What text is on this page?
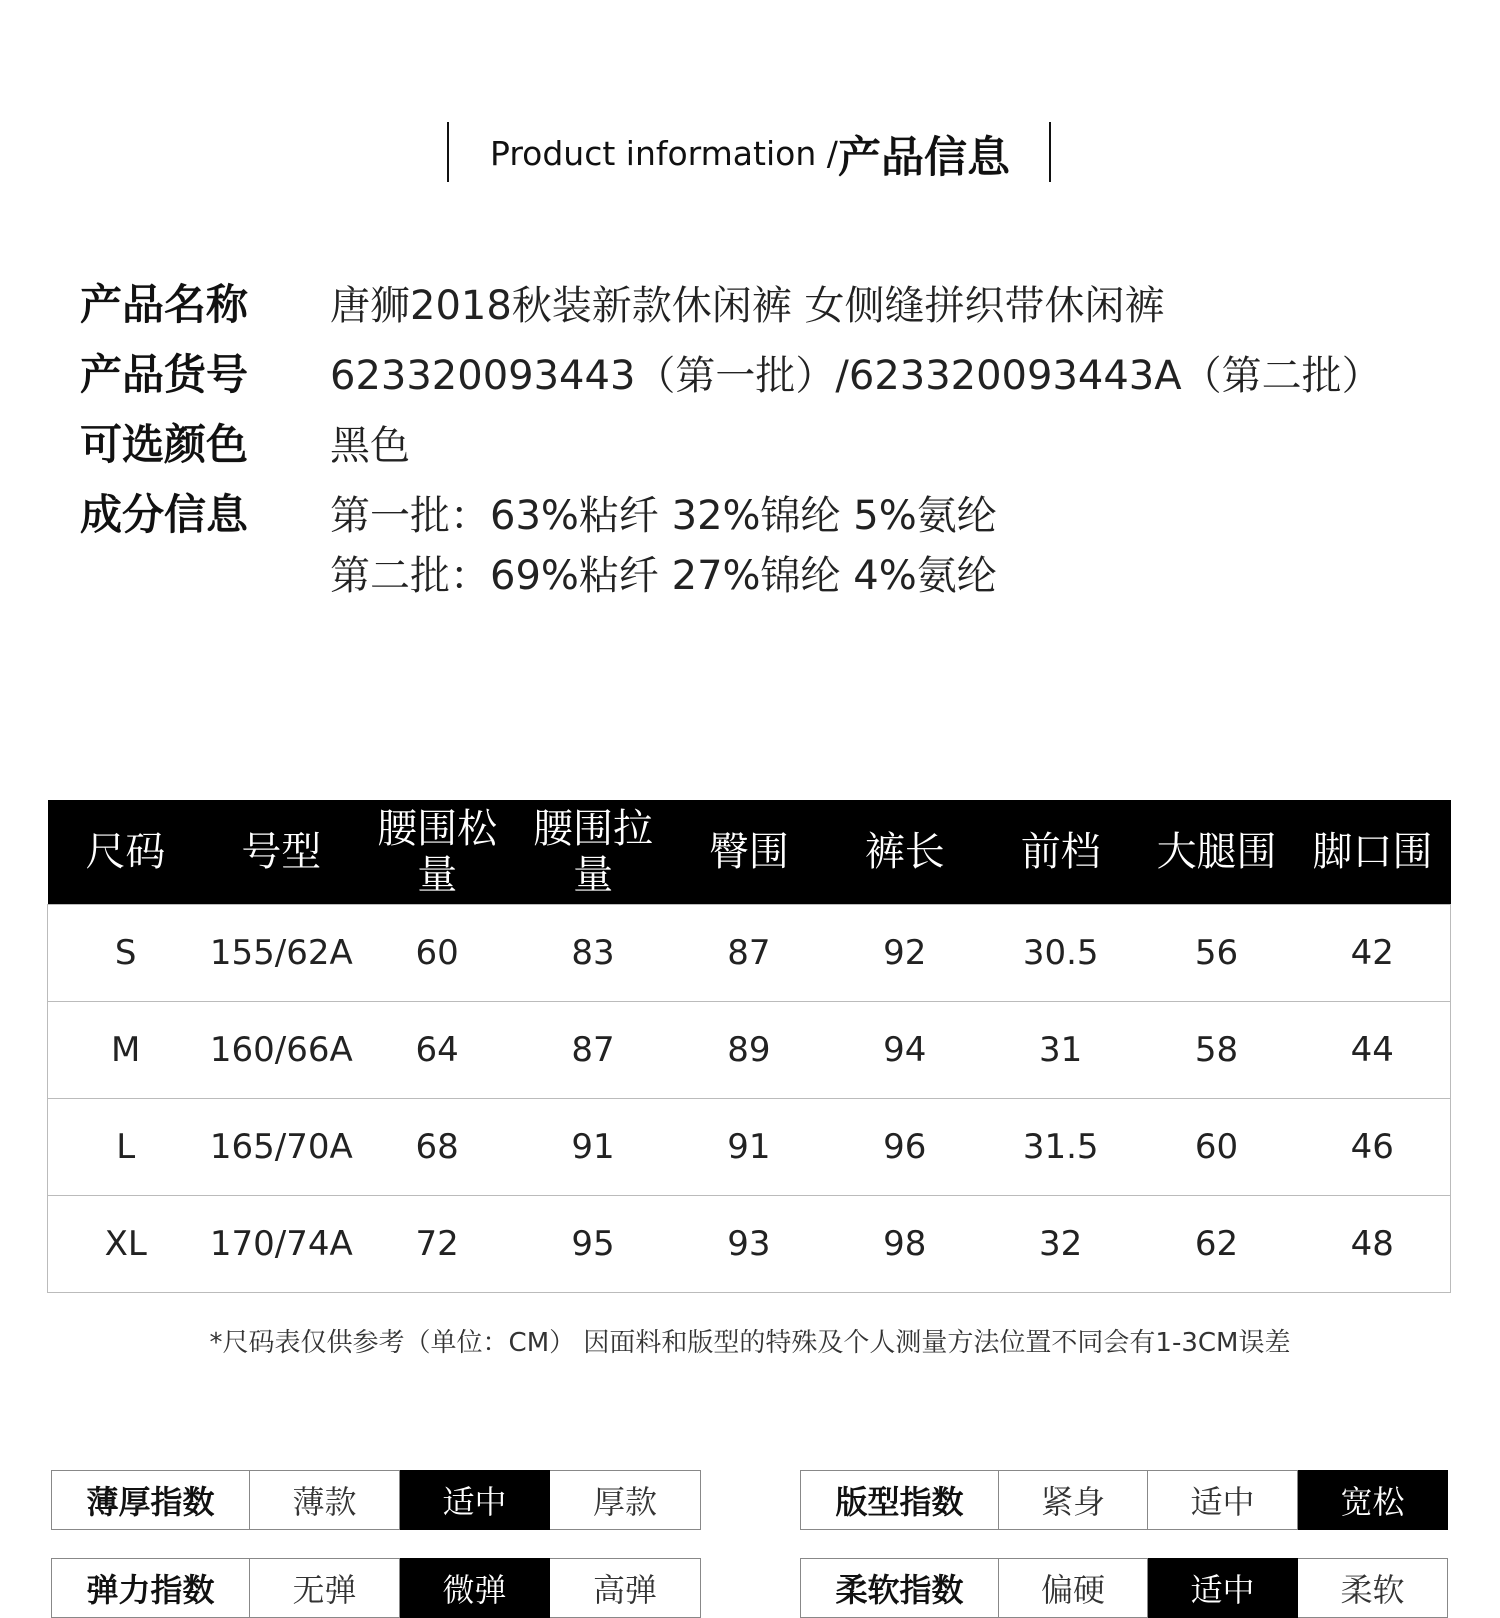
Product information / 产品信息
产品名称 唐狮2018秋装新款休闲裤 女侧缝拼织带休闲裤
产品货号 623320093443（第一批）/623320093443A（第二批）
可选颜色 黑色
成分信息 第一批：63%粘纤 32%锦纶 5%氨纶
第二批：69%粘纤 27%锦纶 4%氨纶
尺码	号型	腰围松量	腰围拉量	臀围	裤长	前档	大腿围	脚口围
S	155/62A	60	83	87	92	30.5	56	42
M	160/66A	64	87	89	94	31	58	44
L	165/70A	68	91	91	96	31.5	60	46
XL	170/74A	72	95	93	98	32	62	48
*尺码表仅供参考（单位：CM） 因面料和版型的特殊及个人测量方法位置不同会有1-3CM误差
薄厚指数	薄款	适中	厚款	版型指数	紧身	适中	宽松
弹力指数	无弹	微弹	高弹	柔软指数	偏硬	适中	柔软
